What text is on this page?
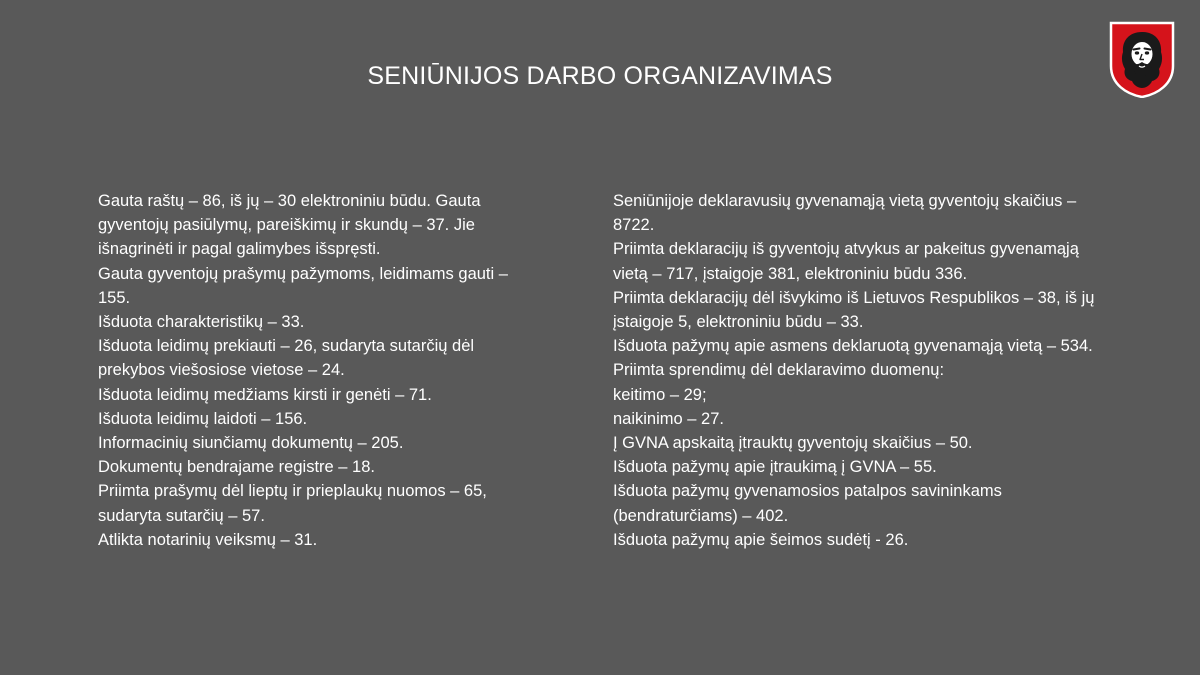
SENIŪNIJOS DARBO ORGANIZAVIMAS

Gauta raštų – 86, iš jų – 30 elektroniniu būdu. Gauta gyventojų pasiūlymų, pareiškimų ir skundų – 37. Jie išnagrinėti ir pagal galimybes išspręsti.

Gauta gyventojų prašymų pažymoms, leidimams gauti – 155.

Išduota charakteristikų – 33.

Išduota leidimų prekiauti – 26, sudaryta sutarčių dėl prekybos viešosiose vietose – 24.

Išduota leidimų medžiams kirsti ir genėti – 71.

Išduota leidimų laidoti – 156.

Informacinių siunčiamų dokumentų – 205.

Dokumentų bendrajame registre – 18.

Priimta prašymų dėl lieptų ir prieplaukų nuomos – 65, sudaryta sutarčių – 57.

Atlikta notarinių veiksmų – 31.

Seniūnijoje deklaravusių gyvenamąją vietą gyventojų skaičius – 8722.

Priimta deklaracijų iš gyventojų atvykus ar pakeitus gyvenamąją vietą – 717, įstaigoje 381, elektroniniu būdu 336.

Priimta deklaracijų dėl išvykimo iš Lietuvos Respublikos – 38, iš jų įstaigoje 5, elektroniniu būdu – 33.

Išduota pažymų apie asmens deklaruotą gyvenamąją vietą – 534.

Priimta sprendimų dėl deklaravimo duomenų:

keitimo – 29;

naikinimo – 27.

Į GVNA apskaitą įtrauktų gyventojų skaičius – 50.

Išduota pažymų apie įtraukimą į GVNA – 55.

Išduota pažymų gyvenamosios patalpos savininkams (bendraturčiams) – 402.

Išduota pažymų apie šeimos sudėtį - 26.
